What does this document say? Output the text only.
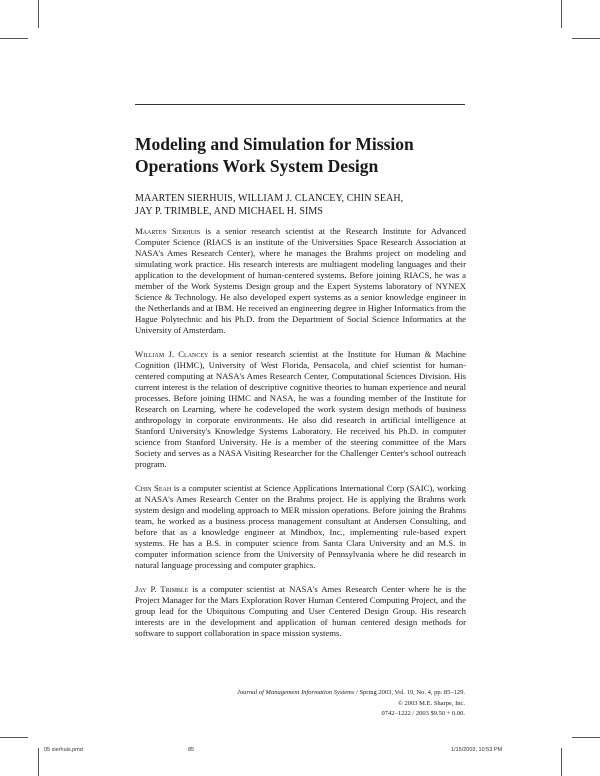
Modeling and Simulation for Mission Operations Work System Design
MAARTEN SIERHUIS, WILLIAM J. CLANCEY, CHIN SEAH,
JAY P. TRIMBLE, AND MICHAEL H. SIMS

Maarten Sierhuis is a senior research scientist at the Research Institute for Advanced Computer Science (RIACS is an institute of the Universities Space Research Association at NASA's Ames Research Center), where he manages the Brahms project on modeling and simulating work practice. His research interests are multiagent modeling languages and their application to the development of human-centered systems. Before joining RIACS, he was a member of the Work Systems Design group and the Expert Systems laboratory of NYNEX Science & Technology. He also developed expert systems as a senior knowledge engineer in the Netherlands and at IBM. He received an engineering degree in Higher Informatics from the Hague Polytechnic and his Ph.D. from the Department of Social Science Informatics at the University of Amsterdam.

William J. Clancey is a senior research scientist at the Institute for Human & Machine Cognition (IHMC), University of West Florida, Pensacola, and chief scientist for human-centered computing at NASA's Ames Research Center, Computational Sciences Division. His current interest is the relation of descriptive cognitive theories to human experience and neural processes. Before joining IHMC and NASA, he was a founding member of the Institute for Research on Learning, where he codeveloped the work system design methods of business anthropology in corporate environments. He also did research in artificial intelligence at Stanford University's Knowledge Systems Laboratory. He received his Ph.D. in computer science from Stanford University. He is a member of the steering committee of the Mars Society and serves as a NASA Visiting Researcher for the Challenger Center's school outreach program.

Chin Seah is a computer scientist at Science Applications International Corp (SAIC), working at NASA's Ames Research Center on the Brahms project. He is applying the Brahms work system design and modeling approach to MER mission operations. Before joining the Brahms team, he worked as a business process management consultant at Andersen Consulting, and before that as a knowledge engineer at Mindbox, Inc., implementing rule-based expert systems. He has a B.S. in computer science from Santa Clara University and an M.S. in computer information science from the University of Pennsylvania where he did research in natural language processing and computer graphics.

Jay P. Trimble is a computer scientist at NASA's Ames Research Center where he is the Project Manager for the Mars Exploration Rover Human Centered Computing Project, and the group lead for the Ubiquitous Computing and User Centered Design Group. His research interests are in the development and application of human centered design methods for software to support collaboration in space mission systems.

Journal of Management Information Systems / Spring 2003, Vol. 19, No. 4, pp. 85–129.
© 2003 M.E. Sharpe, Inc.
0742–1222 / 2003 $9.50 + 0.00.
05 sierhuis.pmd	85	1/15/2003, 10:53 PM
